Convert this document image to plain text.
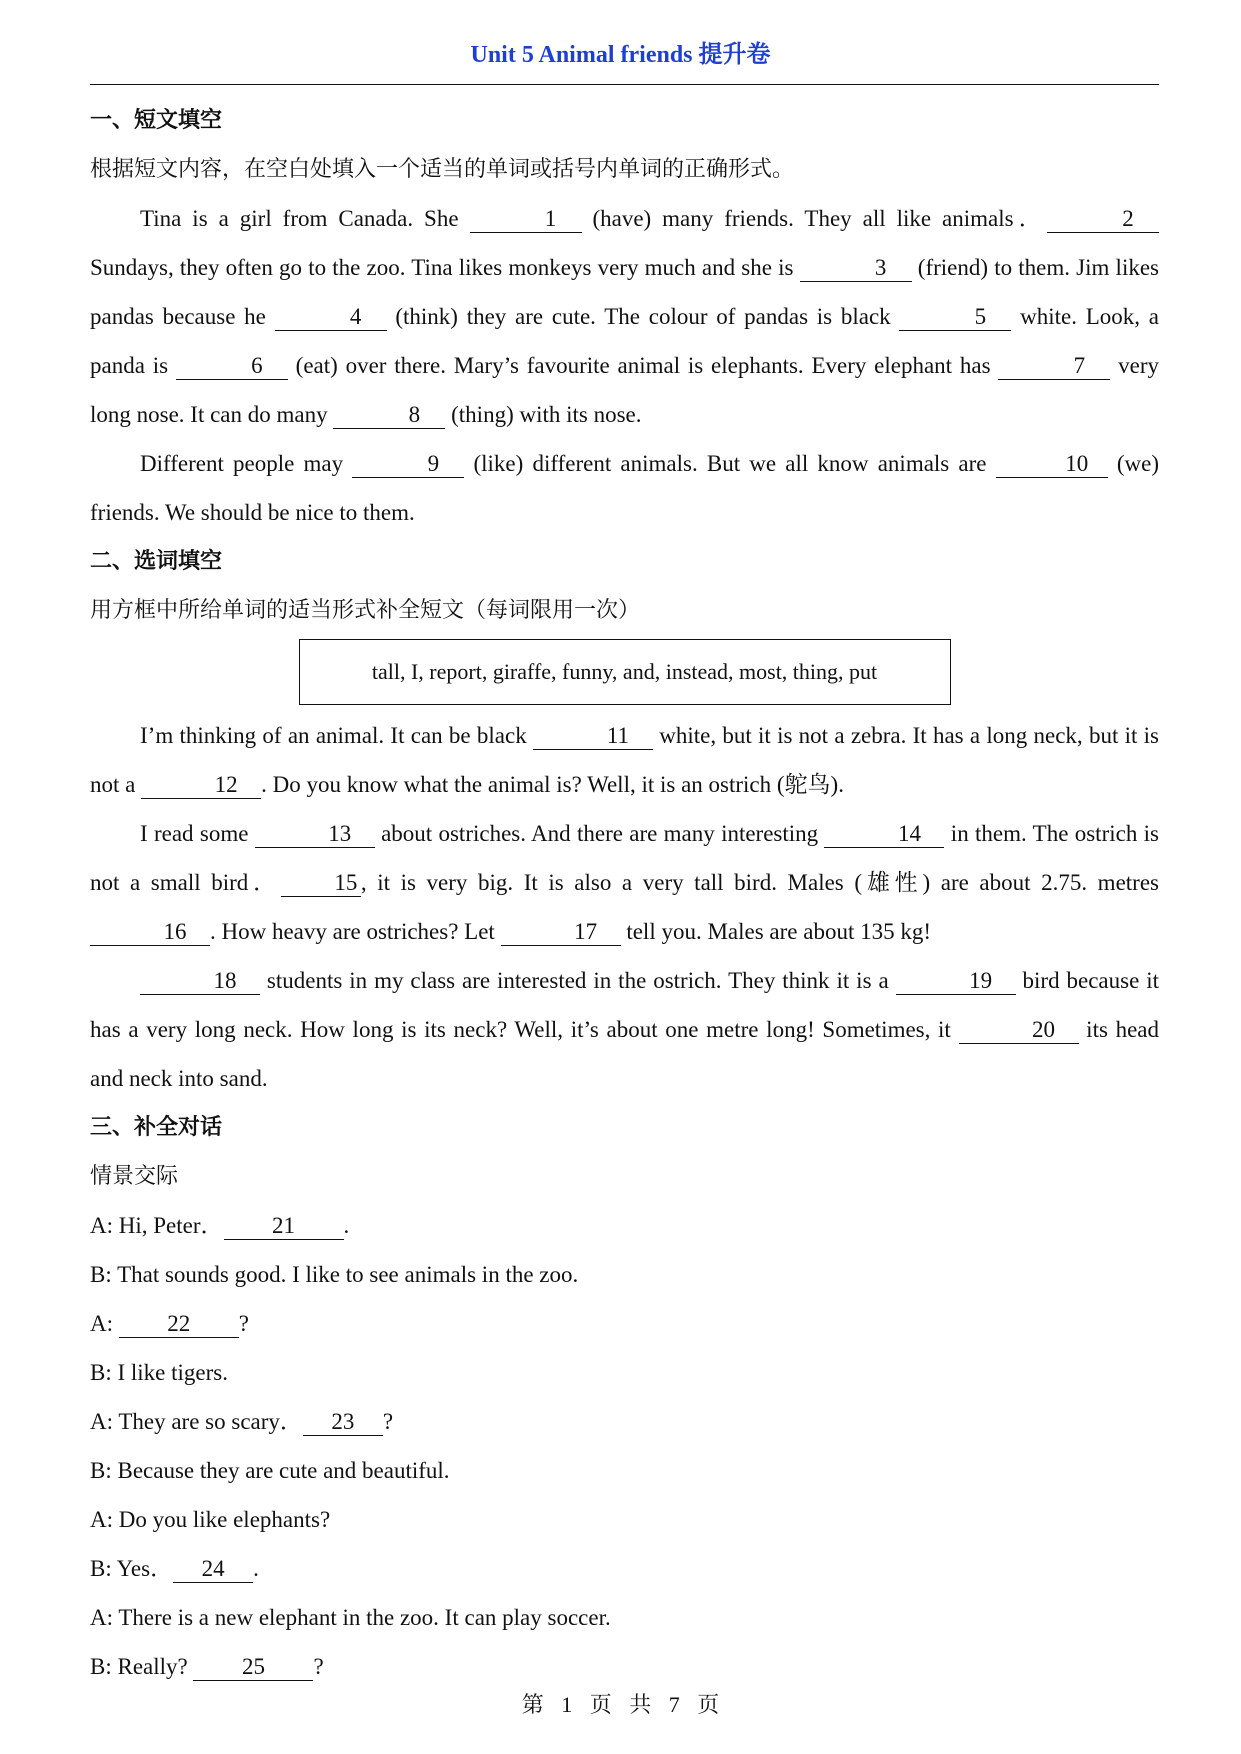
Unit 5 Animal friends 提升卷
一、短文填空
根据短文内容，在空白处填入一个适当的单词或括号内单词的正确形式。
Tina is a girl from Canada. She	1 (have) many friends. They all like animals．	2 Sundays, they often go to the zoo. Tina likes monkeys very much and she is	3 (friend) to them. Jim likes pandas because he	4 (think) they are cute. The colour of pandas is black	5 white. Look, a panda is	6 (eat) over there. Mary’s favourite animal is elephants. Every elephant has	7 very long nose. It can do many	8 (thing) with its nose.
Different people may	9 (like) different animals. But we all know animals are	10 (we) friends. We should be nice to them.
二、选词填空
用方框中所给单词的适当形式补全短文（每词限用一次）
tall, I, report, giraffe, funny, and, instead, most, thing, put
I’m thinking of an animal. It can be black	11 white, but it is not a zebra. It has a long neck, but it is not a	12 . Do you know what the animal is? Well, it is an ostrich (鸵鸟).
I read some	13 about ostriches. And there are many interesting	14 in them. The ostrich is not a small bird． 15 , it is very big. It is also a very tall bird. Males (雄性) are about 2.75. metres 16 . How heavy are ostriches? Let	17 tell you. Males are about 135 kg!
18 students in my class are interested in the ostrich. They think it is a	19 bird because it has a very long neck. How long is its neck? Well, it’s about one metre long! Sometimes, it	20 its head and neck into sand.
三、补全对话
情景交际
A: Hi, Peter． 21 .
B: That sounds good. I like to see animals in the zoo.
A: 22 ?
B: I like tigers.
A: They are so scary． 23 ?
B: Because they are cute and beautiful.
A: Do you like elephants?
B: Yes． 24 .
A: There is a new elephant in the zoo. It can play soccer.
B: Really? 25 ?
第 1 页 共 7 页
